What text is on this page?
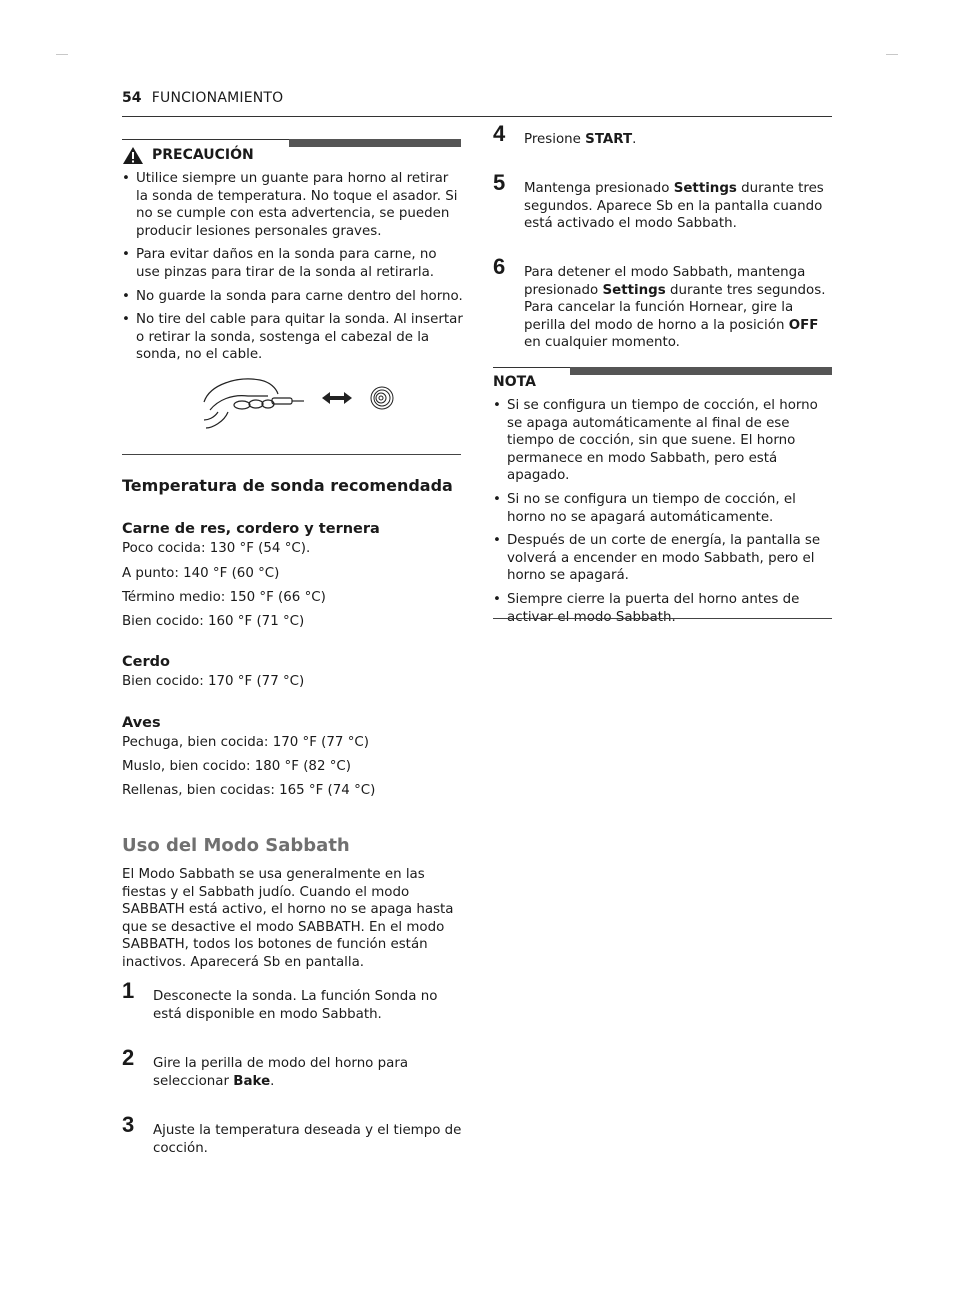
54 FUNCIONAMIENTO
PRECAUCIÓN
• Utilice siempre un guante para horno al retirar la sonda de temperatura. No toque el asador. Si no se cumple con esta advertencia, se pueden producir lesiones personales graves.
• Para evitar daños en la sonda para carne, no use pinzas para tirar de la sonda al retirarla.
• No guarde la sonda para carne dentro del horno.
• No tire del cable para quitar la sonda. Al insertar o retirar la sonda, sostenga el cabezal de la sonda, no el cable.
Temperatura de sonda recomendada
Carne de res, cordero y ternera
Poco cocida: 130 °F (54 °C).
A punto: 140 °F (60 °C)
Término medio: 150 °F (66 °C)
Bien cocido: 160 °F (71 °C)
Cerdo
Bien cocido: 170 °F (77 °C)
Aves
Pechuga, bien cocida: 170 °F (77 °C)
Muslo, bien cocido: 180 °F (82 °C)
Rellenas, bien cocidas: 165 °F (74 °C)
Uso del Modo Sabbath
El Modo Sabbath se usa generalmente en las fiestas y el Sabbath judío. Cuando el modo SABBATH está activo, el horno no se apaga hasta que se desactive el modo SABBATH. En el modo SABBATH, todos los botones de función están inactivos. Aparecerá Sb en pantalla.
1 Desconecte la sonda. La función Sonda no está disponible en modo Sabbath.
2 Gire la perilla de modo del horno para seleccionar Bake.
3 Ajuste la temperatura deseada y el tiempo de cocción.
4 Presione START.
5 Mantenga presionado Settings durante tres segundos. Aparece Sb en la pantalla cuando está activado el modo Sabbath.
6 Para detener el modo Sabbath, mantenga presionado Settings durante tres segundos. Para cancelar la función Hornear, gire la perilla del modo de horno a la posición OFF en cualquier momento.
NOTA
• Si se configura un tiempo de cocción, el horno se apaga automáticamente al final de ese tiempo de cocción, sin que suene. El horno permanece en modo Sabbath, pero está apagado.
• Si no se configura un tiempo de cocción, el horno no se apagará automáticamente.
• Después de un corte de energía, la pantalla se volverá a encender en modo Sabbath, pero el horno se apagará.
• Siempre cierre la puerta del horno antes de
